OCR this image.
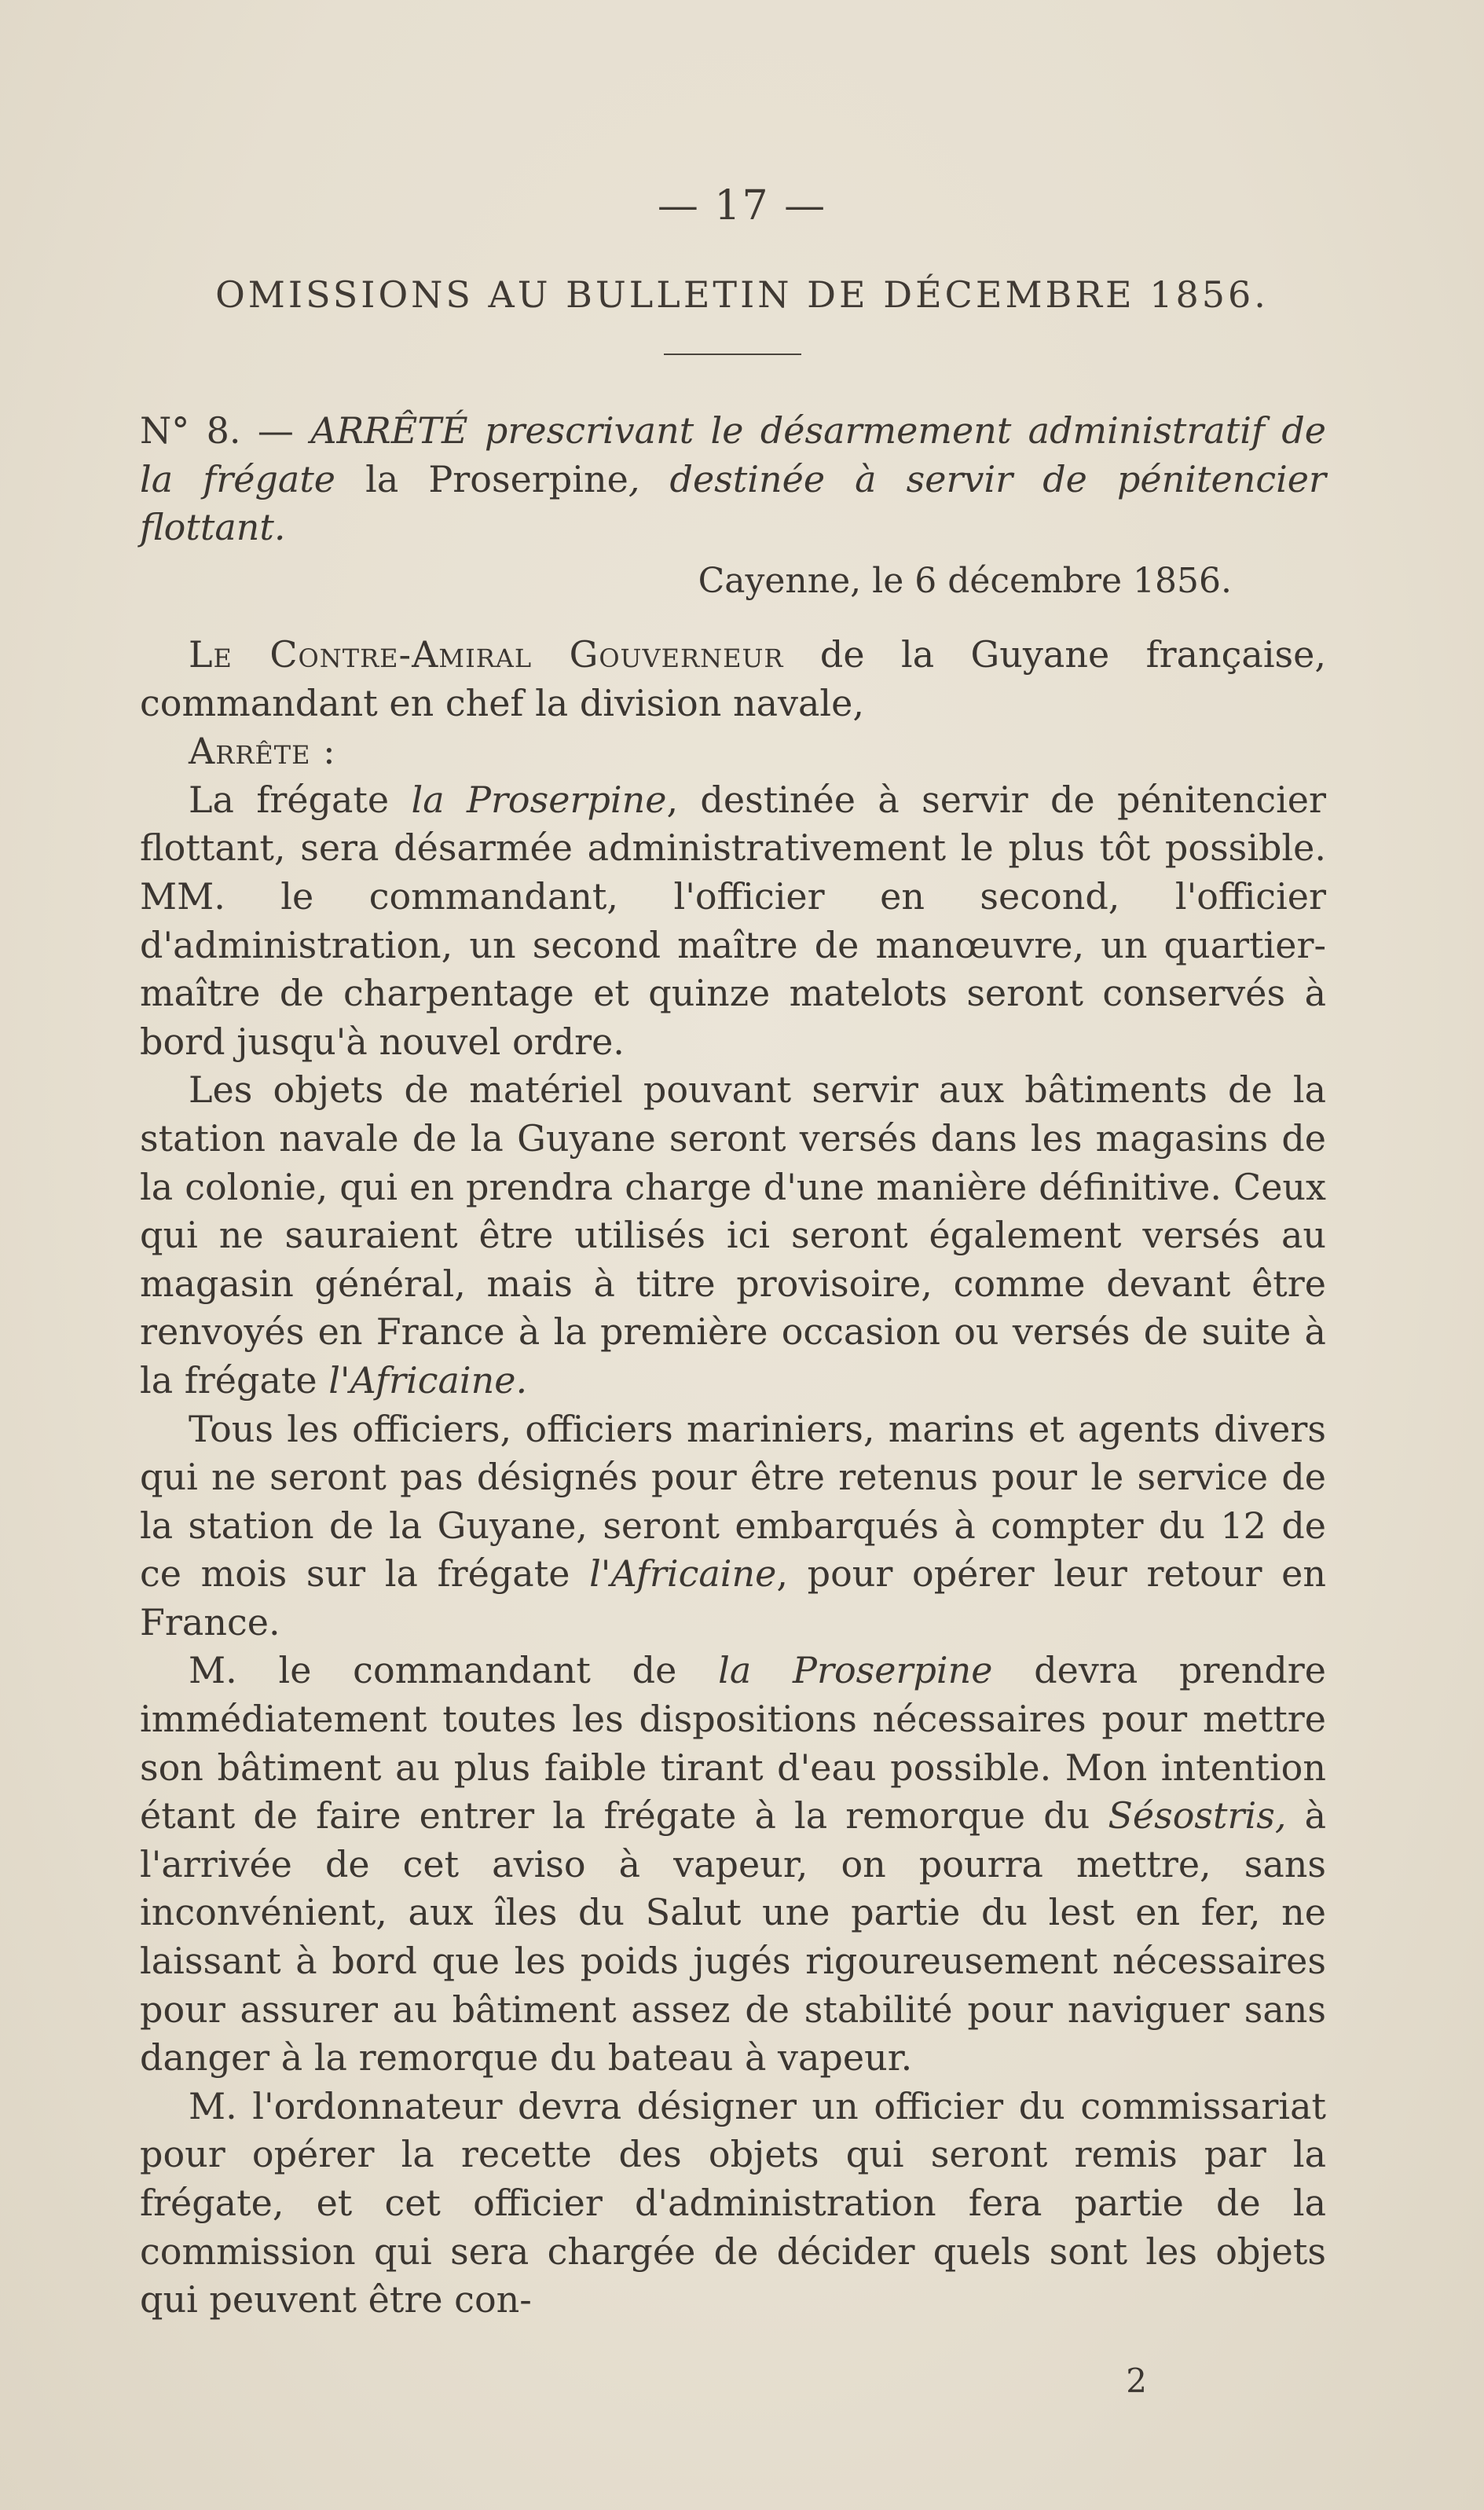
— 17 —
OMISSIONS AU BULLETIN DE DÉCEMBRE 1856.
N° 8. — ARRÊTÉ prescrivant le désarmement administratif de la frégate la Proserpine, destinée à servir de pénitencier flottant.
Cayenne, le 6 décembre 1856.

Le Contre-Amiral Gouverneur de la Guyane française, commandant en chef la division navale,

Arrête :

La frégate la Proserpine, destinée à servir de pénitencier flottant, sera désarmée administrativement le plus tôt possible. MM. le commandant, l'officier en second, l'officier d'administration, un second maître de manœuvre, un quartier-maître de charpentage et quinze matelots seront conservés à bord jusqu'à nouvel ordre.

Les objets de matériel pouvant servir aux bâtiments de la station navale de la Guyane seront versés dans les magasins de la colonie, qui en prendra charge d'une manière définitive. Ceux qui ne sauraient être utilisés ici seront également versés au magasin général, mais à titre provisoire, comme devant être renvoyés en France à la première occasion ou versés de suite à la frégate l'Africaine.

Tous les officiers, officiers mariniers, marins et agents divers qui ne seront pas désignés pour être retenus pour le service de la station de la Guyane, seront embarqués à compter du 12 de ce mois sur la frégate l'Africaine, pour opérer leur retour en France.

M. le commandant de la Proserpine devra prendre immédiatement toutes les dispositions nécessaires pour mettre son bâtiment au plus faible tirant d'eau possible. Mon intention étant de faire entrer la frégate à la remorque du Sésostris, à l'arrivée de cet aviso à vapeur, on pourra mettre, sans inconvénient, aux îles du Salut une partie du lest en fer, ne laissant à bord que les poids jugés rigoureusement nécessaires pour assurer au bâtiment assez de stabilité pour naviguer sans danger à la remorque du bateau à vapeur.

M. l'ordonnateur devra désigner un officier du commissariat pour opérer la recette des objets qui seront remis par la frégate, et cet officier d'administration fera partie de la commission qui sera chargée de décider quels sont les objets qui peuvent être con-

2
